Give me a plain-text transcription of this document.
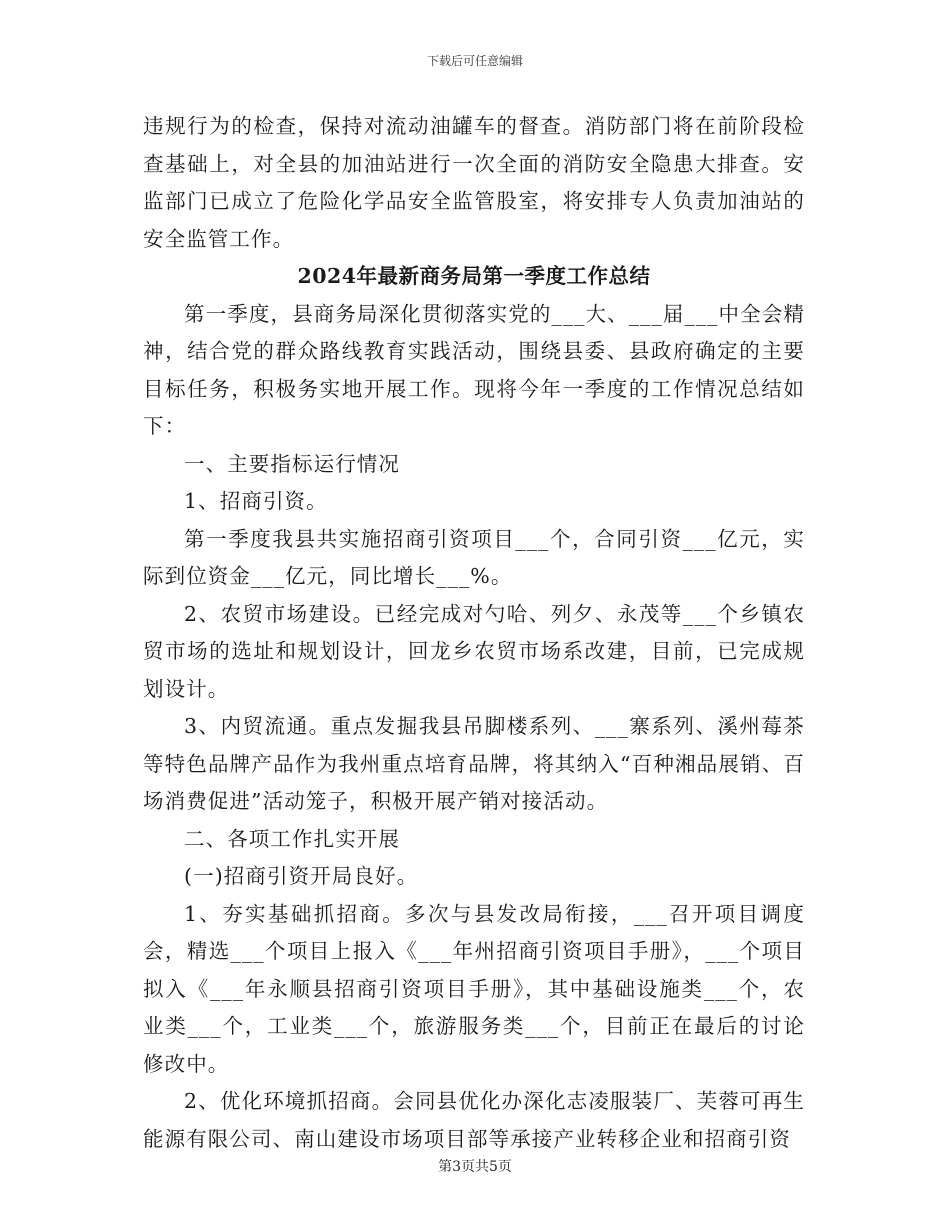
下载后可任意编辑

违规行为的检查，保持对流动油罐车的督查。消防部门将在前阶段检查基础上，对全县的加油站进行一次全面的消防安全隐患大排查。安监部门已成立了危险化学品安全监管股室，将安排专人负责加油站的安全监管工作。

2024年最新商务局第一季度工作总结

第一季度，县商务局深化贯彻落实党的___大、___届___中全会精神，结合党的群众路线教育实践活动，围绕县委、县政府确定的主要目标任务，积极务实地开展工作。现将今年一季度的工作情况总结如下：

一、主要指标运行情况

1、招商引资。

第一季度我县共实施招商引资项目___个，合同引资___亿元，实际到位资金___亿元，同比增长___%。

2、农贸市场建设。已经完成对勺哈、列夕、永茂等___个乡镇农贸市场的选址和规划设计，回龙乡农贸市场系改建，目前，已完成规划设计。

3、内贸流通。重点发掘我县吊脚楼系列、___寨系列、溪州莓茶等特色品牌产品作为我州重点培育品牌，将其纳入“百种湘品展销、百场消费促进”活动笼子，积极开展产销对接活动。

二、各项工作扎实开展

(一)招商引资开局良好。

1、夯实基础抓招商。多次与县发改局衔接，___召开项目调度会，精选___个项目上报入《___年州招商引资项目手册》，___个项目拟入《___年永顺县招商引资项目手册》，其中基础设施类___个，农业类___个，工业类___个，旅游服务类___个，目前正在最后的讨论修改中。

2、优化环境抓招商。会同县优化办深化志凌服装厂、芙蓉可再生能源有限公司、南山建设市场项目部等承接产业转移企业和招商引资

第3页共5页
